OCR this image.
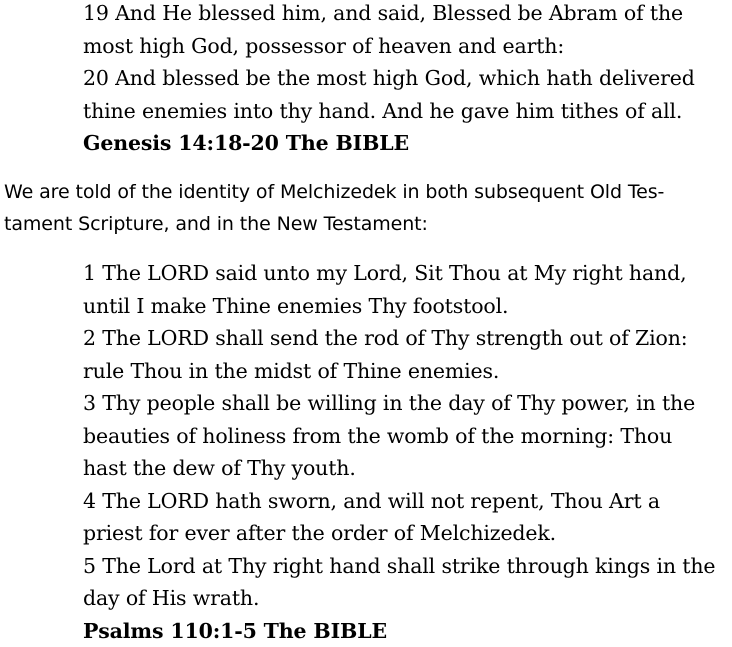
19 And He blessed him, and said, Blessed be Abram of the
most high God, possessor of heaven and earth:
20 And blessed be the most high God, which hath delivered
thine enemies into thy hand. And he gave him tithes of all.
Genesis 14:18-20 The BIBLE
We are told of the identity of Melchizedek in both subsequent Old Tes-
tament Scripture, and in the New Testament:
1 The LORD said unto my Lord, Sit Thou at My right hand,
until I make Thine enemies Thy footstool.
2 The LORD shall send the rod of Thy strength out of Zion:
rule Thou in the midst of Thine enemies.
3 Thy people shall be willing in the day of Thy power, in the
beauties of holiness from the womb of the morning: Thou
hast the dew of Thy youth.
4 The LORD hath sworn, and will not repent, Thou Art a
priest for ever after the order of Melchizedek.
5 The Lord at Thy right hand shall strike through kings in the
day of His wrath.
Psalms 110:1-5 The BIBLE
